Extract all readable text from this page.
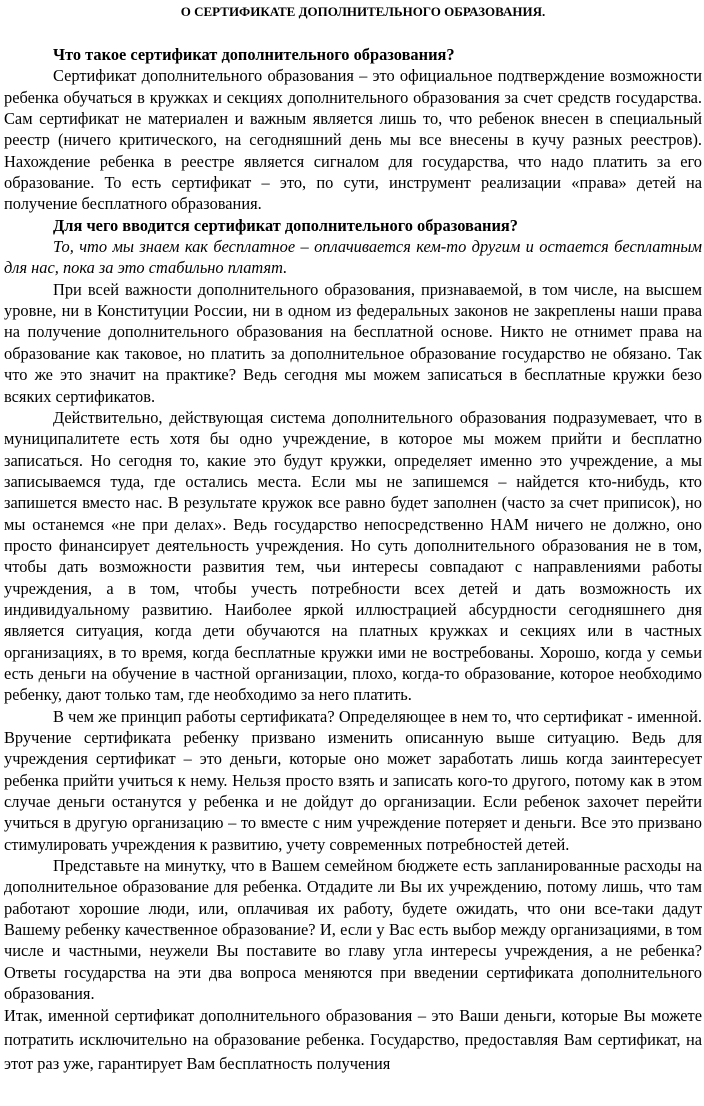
О СЕРТИФИКАТЕ ДОПОЛНИТЕЛЬНОГО ОБРАЗОВАНИЯ.

Что такое сертификат дополнительного образования?

Сертификат дополнительного образования – это официальное подтверждение возможности ребенка обучаться в кружках и секциях дополнительного образования за счет средств государства. Сам сертификат не материален и важным является лишь то, что ребенок внесен в специальный реестр (ничего критического, на сегодняшний день мы все внесены в кучу разных реестров). Нахождение ребенка в реестре является сигналом для государства, что надо платить за его образование. То есть сертификат – это, по сути, инструмент реализации «права» детей на получение бесплатного образования.

Для чего вводится сертификат дополнительного образования?

То, что мы знаем как бесплатное – оплачивается кем-то другим и остается бесплатным для нас, пока за это стабильно платят.

При всей важности дополнительного образования, признаваемой, в том числе, на высшем уровне, ни в Конституции России, ни в одном из федеральных законов не закреплены наши права на получение дополнительного образования на бесплатной основе. Никто не отнимет права на образование как таковое, но платить за дополнительное образование государство не обязано. Так что же это значит на практике? Ведь сегодня мы можем записаться в бесплатные кружки безо всяких сертификатов.

Действительно, действующая система дополнительного образования подразумевает, что в муниципалитете есть хотя бы одно учреждение, в которое мы можем прийти и бесплатно записаться. Но сегодня то, какие это будут кружки, определяет именно это учреждение, а мы записываемся туда, где остались места. Если мы не запишемся – найдется кто-нибудь, кто запишется вместо нас. В результате кружок все равно будет заполнен (часто за счет приписок), но мы останемся «не при делах». Ведь государство непосредственно НАМ ничего не должно, оно просто финансирует деятельность учреждения. Но суть дополнительного образования не в том, чтобы дать возможности развития тем, чьи интересы совпадают с направлениями работы учреждения, а в том, чтобы учесть потребности всех детей и дать возможность их индивидуальному развитию. Наиболее яркой иллюстрацией абсурдности сегодняшнего дня является ситуация, когда дети обучаются на платных кружках и секциях или в частных организациях, в то время, когда бесплатные кружки ими не востребованы. Хорошо, когда у семьи есть деньги на обучение в частной организации, плохо, когда-то образование, которое необходимо ребенку, дают только там, где необходимо за него платить.

В чем же принцип работы сертификата? Определяющее в нем то, что сертификат - именной. Вручение сертификата ребенку призвано изменить описанную выше ситуацию. Ведь для учреждения сертификат – это деньги, которые оно может заработать лишь когда заинтересует ребенка прийти учиться к нему. Нельзя просто взять и записать кого-то другого, потому как в этом случае деньги останутся у ребенка и не дойдут до организации. Если ребенок захочет перейти учиться в другую организацию – то вместе с ним учреждение потеряет и деньги. Все это призвано стимулировать учреждения к развитию, учету современных потребностей детей.

Представьте на минутку, что в Вашем семейном бюджете есть запланированные расходы на дополнительное образование для ребенка. Отдадите ли Вы их учреждению, потому лишь, что там работают хорошие люди, или, оплачивая их работу, будете ожидать, что они все-таки дадут Вашему ребенку качественное образование? И, если у Вас есть выбор между организациями, в том числе и частными, неужели Вы поставите во главу угла интересы учреждения, а не ребенка? Ответы государства на эти два вопроса меняются при введении сертификата дополнительного образования.

Итак, именной сертификат дополнительного образования – это Ваши деньги, которые Вы можете потратить исключительно на образование ребенка. Государство, предоставляя Вам сертификат, на этот раз уже, гарантирует Вам бесплатность получения
